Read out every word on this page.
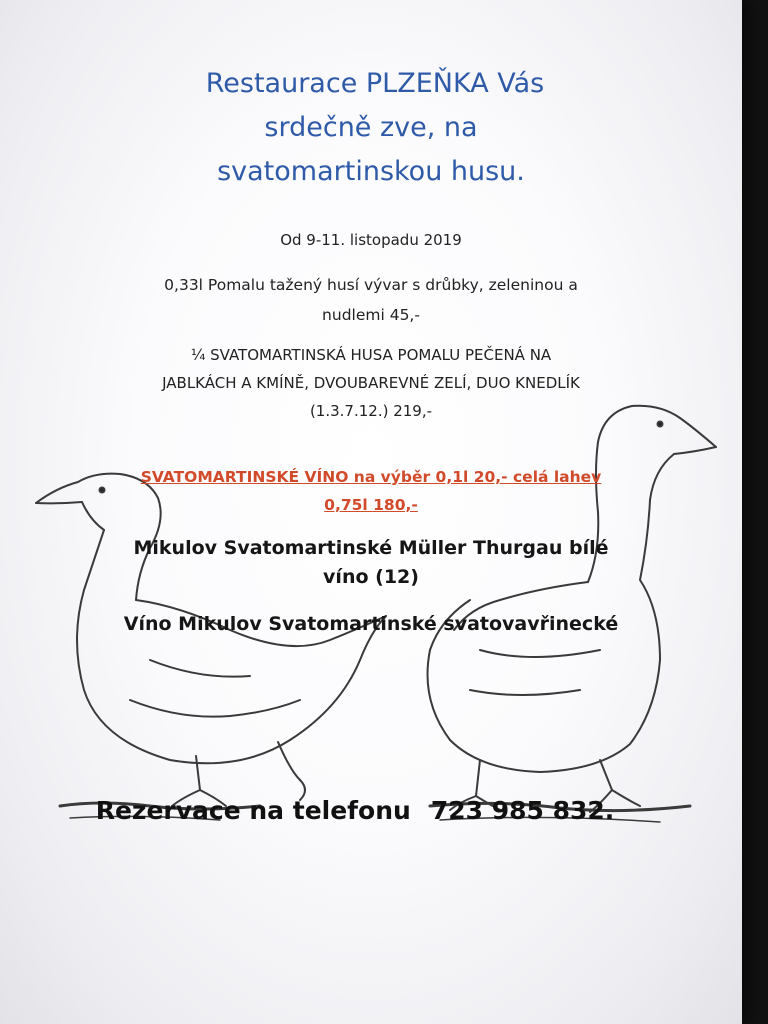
Restaurace PLZEŇKA Vás
srdečně zve, na
svatomartinskou husu.
Od 9-11. listopadu 2019
0,33l Pomalu tažený husí vývar s drůbky, zeleninou a
nudlemi 45,-
¼ SVATOMARTINSKÁ HUSA POMALU PEČENÁ NA
JABLKÁCH A KMÍNĚ, DVOUBAREVNÉ ZELÍ, DUO KNEDLÍK
(1.3.7.12.) 219,-
SVATOMARTINSKÉ VÍNO na výběr 0,1l 20,- celá lahev
0,75l 180,-
Mikulov Svatomartinské Müller Thurgau bílé
víno (12)
Víno Mikulov Svatomartinské svatovavřinecké
Rezervace na telefonu 723 985 832.
